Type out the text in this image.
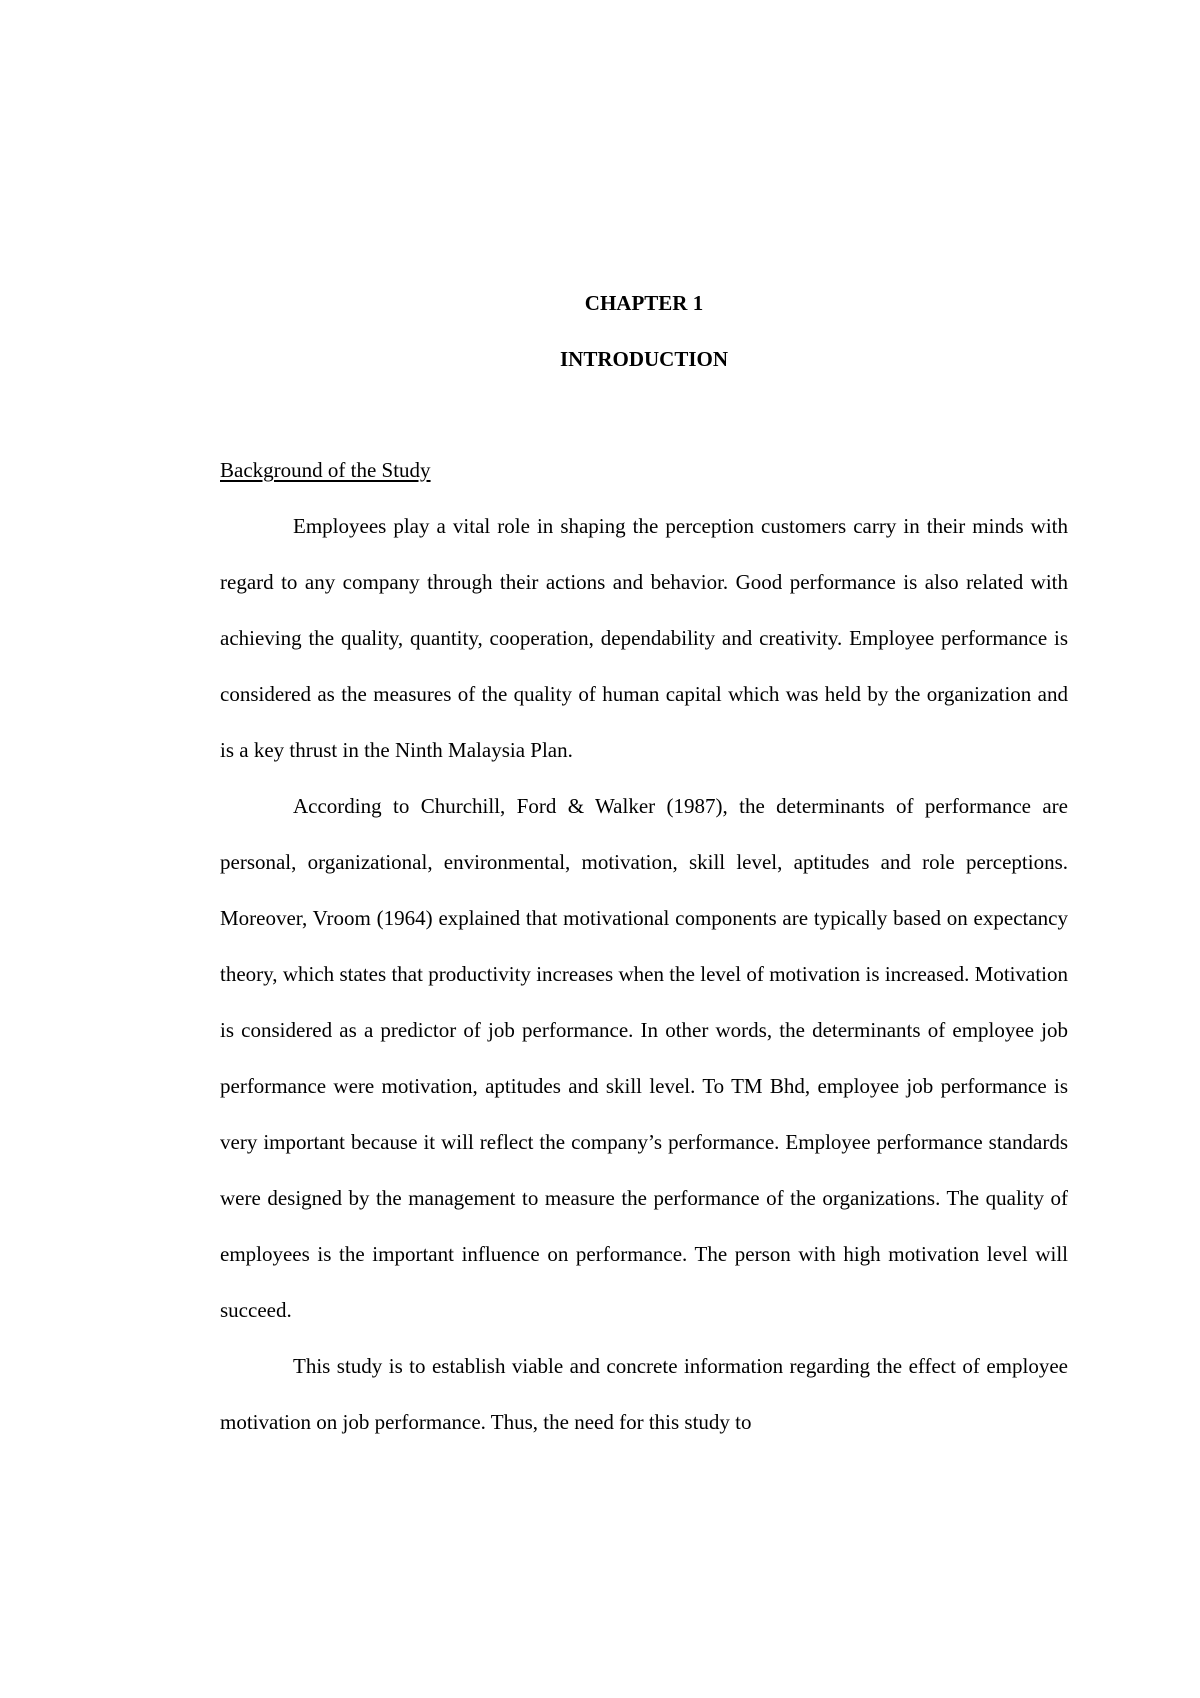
CHAPTER 1

INTRODUCTION

Background of the Study

Employees play a vital role in shaping the perception customers carry in their minds with regard to any company through their actions and behavior. Good performance is also related with achieving the quality, quantity, cooperation, dependability and creativity. Employee performance is considered as the measures of the quality of human capital which was held by the organization and is a key thrust in the Ninth Malaysia Plan.

According to Churchill, Ford & Walker (1987), the determinants of performance are personal, organizational, environmental, motivation, skill level, aptitudes and role perceptions. Moreover, Vroom (1964) explained that motivational components are typically based on expectancy theory, which states that productivity increases when the level of motivation is increased. Motivation is considered as a predictor of job performance. In other words, the determinants of employee job performance were motivation, aptitudes and skill level. To TM Bhd, employee job performance is very important because it will reflect the company’s performance. Employee performance standards were designed by the management to measure the performance of the organizations. The quality of employees is the important influence on performance. The person with high motivation level will succeed.

This study is to establish viable and concrete information regarding the effect of employee motivation on job performance. Thus, the need for this study to
